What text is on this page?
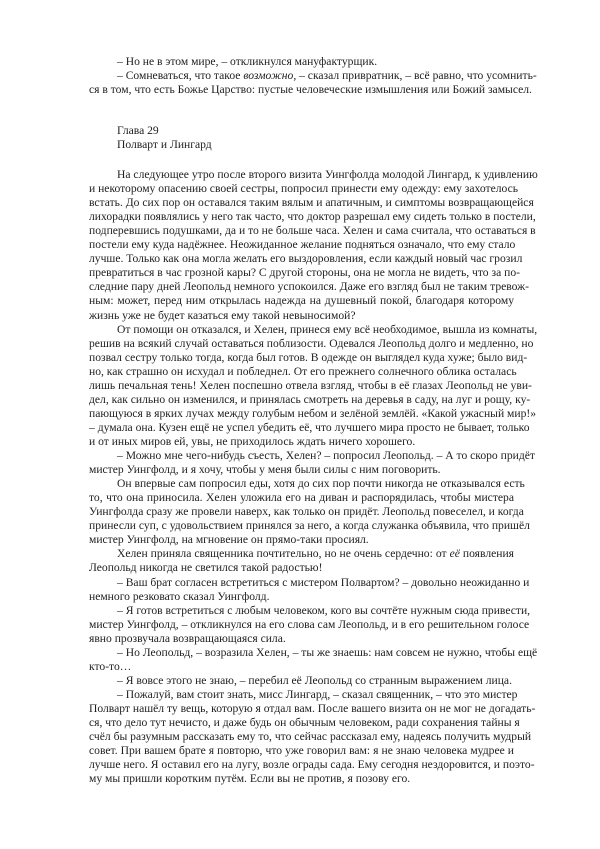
– Но не в этом мире, – откликнулся мануфактурщик.
– Сомневаться, что такое возможно, – сказал привратник, – всё равно, что усомнить-
ся в том, что есть Божье Царство: пустые человеческие измышления или Божий замысел.
Глава 29
Полварт и Лингард
На следующее утро после второго визита Уингфолда молодой Лингард, к удивлению
и некоторому опасению своей сестры, попросил принести ему одежду: ему захотелось
встать. До сих пор он оставался таким вялым и апатичным, и симптомы возвращающейся
лихорадки появлялись у него так часто, что доктор разрешал ему сидеть только в постели,
подперевшись подушками, да и то не больше часа. Хелен и сама считала, что оставаться в
постели ему куда надёжнее. Неожиданное желание подняться означало, что ему стало
лучше. Только как она могла желать его выздоровления, если каждый новый час грозил
превратиться в час грозной кары? С другой стороны, она не могла не видеть, что за по-
следние пару дней Леопольд немного успокоился. Даже его взгляд был не таким тревож-
ным: может, перед ним открылась надежда на душевный покой, благодаря которому
жизнь уже не будет казаться ему такой невыносимой?
От помощи он отказался, и Хелен, принеся ему всё необходимое, вышла из комнаты,
решив на всякий случай оставаться поблизости. Одевался Леопольд долго и медленно, но
позвал сестру только тогда, когда был готов. В одежде он выглядел куда хуже; было вид-
но, как страшно он исхудал и побледнел. От его прежнего солнечного облика осталась
лишь печальная тень! Хелен поспешно отвела взгляд, чтобы в её глазах Леопольд не уви-
дел, как сильно он изменился, и принялась смотреть на деревья в саду, на луг и рощу, ку-
пающуюся в ярких лучах между голубым небом и зелёной землёй. «Какой ужасный мир!»
– думала она. Кузен ещё не успел убедить её, что лучшего мира просто не бывает, только
и от иных миров ей, увы, не приходилось ждать ничего хорошего.
– Можно мне чего-нибудь съесть, Хелен? – попросил Леопольд. – А то скоро придёт
мистер Уингфолд, и я хочу, чтобы у меня были силы с ним поговорить.
Он впервые сам попросил еды, хотя до сих пор почти никогда не отказывался есть
то, что она приносила. Хелен уложила его на диван и распорядилась, чтобы мистера
Уингфолда сразу же провели наверх, как только он придёт. Леопольд повеселел, и когда
принесли суп, с удовольствием принялся за него, а когда служанка объявила, что пришёл
мистер Уингфолд, на мгновение он прямо-таки просиял.
Хелен приняла священника почтительно, но не очень сердечно: от её появления
Леопольд никогда не светился такой радостью!
– Ваш брат согласен встретиться с мистером Полвартом? – довольно неожиданно и
немного резковато сказал Уингфолд.
– Я готов встретиться с любым человеком, кого вы сочтёте нужным сюда привести,
мистер Уингфолд, – откликнулся на его слова сам Леопольд, и в его решительном голосе
явно прозвучала возвращающаяся сила.
– Но Леопольд, – возразила Хелен, – ты же знаешь: нам совсем не нужно, чтобы ещё
кто-то…
– Я вовсе этого не знаю, – перебил её Леопольд со странным выражением лица.
– Пожалуй, вам стоит знать, мисс Лингард, – сказал священник, – что это мистер
Полварт нашёл ту вещь, которую я отдал вам. После вашего визита он не мог не догадать-
ся, что дело тут нечисто, и даже будь он обычным человеком, ради сохранения тайны я
счёл бы разумным рассказать ему то, что сейчас рассказал ему, надеясь получить мудрый
совет. При вашем брате я повторю, что уже говорил вам: я не знаю человека мудрее и
лучше него. Я оставил его на лугу, возле ограды сада. Ему сегодня нездоровится, и поэто-
му мы пришли коротким путём. Если вы не против, я позову его.
